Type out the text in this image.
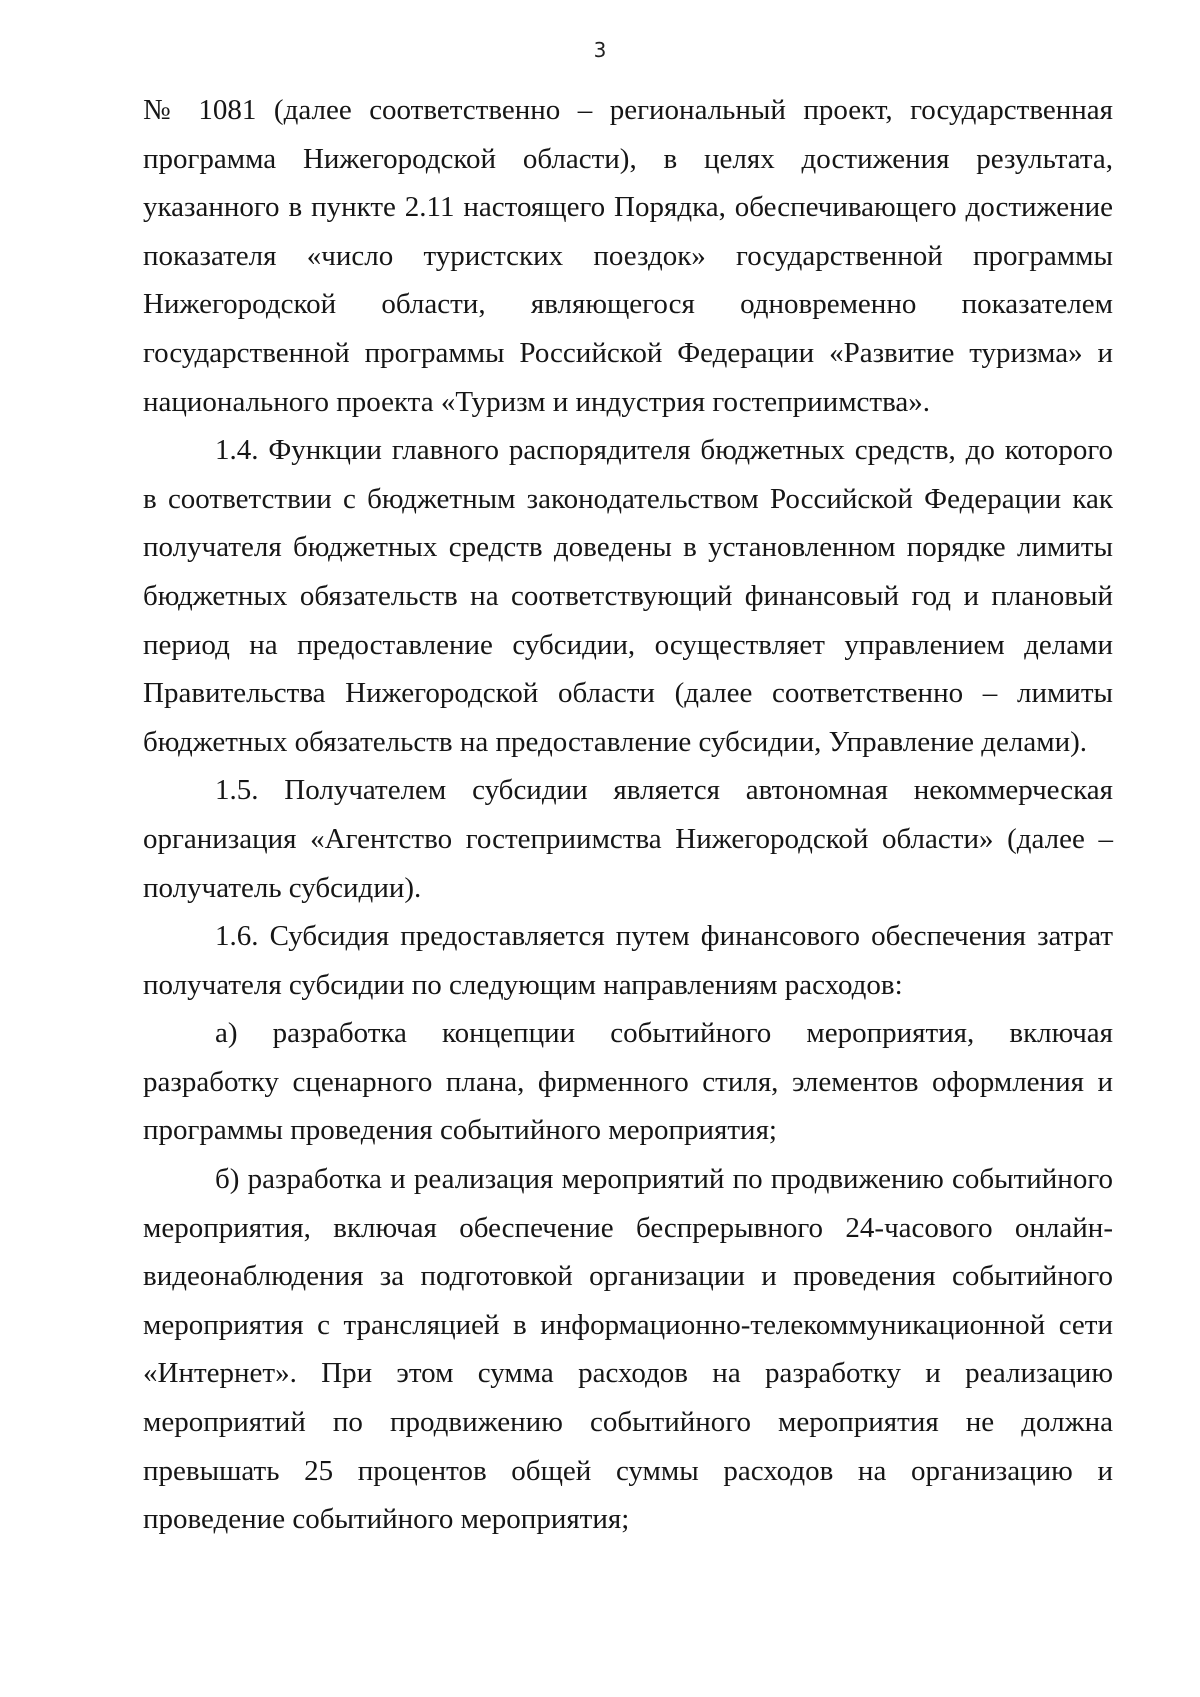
3

№ 1081 (далее соответственно – региональный проект, государственная программа Нижегородской области), в целях достижения результата, указанного в пункте 2.11 настоящего Порядка, обеспечивающего достижение показателя «число туристских поездок» государственной программы Нижегородской области, являющегося одновременно показателем государственной программы Российской Федерации «Развитие туризма» и национального проекта «Туризм и индустрия гостеприимства».

1.4. Функции главного распорядителя бюджетных средств, до которого в соответствии с бюджетным законодательством Российской Федерации как получателя бюджетных средств доведены в установленном порядке лимиты бюджетных обязательств на соответствующий финансовый год и плановый период на предоставление субсидии, осуществляет управлением делами Правительства Нижегородской области (далее соответственно – лимиты бюджетных обязательств на предоставление субсидии, Управление делами).

1.5. Получателем субсидии является автономная некоммерческая организация «Агентство гостеприимства Нижегородской области» (далее – получатель субсидии).

1.6. Субсидия предоставляется путем финансового обеспечения затрат получателя субсидии по следующим направлениям расходов:

а) разработка концепции событийного мероприятия, включая разработку сценарного плана, фирменного стиля, элементов оформления и программы проведения событийного мероприятия;

б) разработка и реализация мероприятий по продвижению событийного мероприятия, включая обеспечение беспрерывного 24-часового онлайн-видеонаблюдения за подготовкой организации и проведения событийного мероприятия с трансляцией в информационно-телекоммуникационной сети «Интернет». При этом сумма расходов на разработку и реализацию мероприятий по продвижению событийного мероприятия не должна превышать 25 процентов общей суммы расходов на организацию и проведение событийного мероприятия;
